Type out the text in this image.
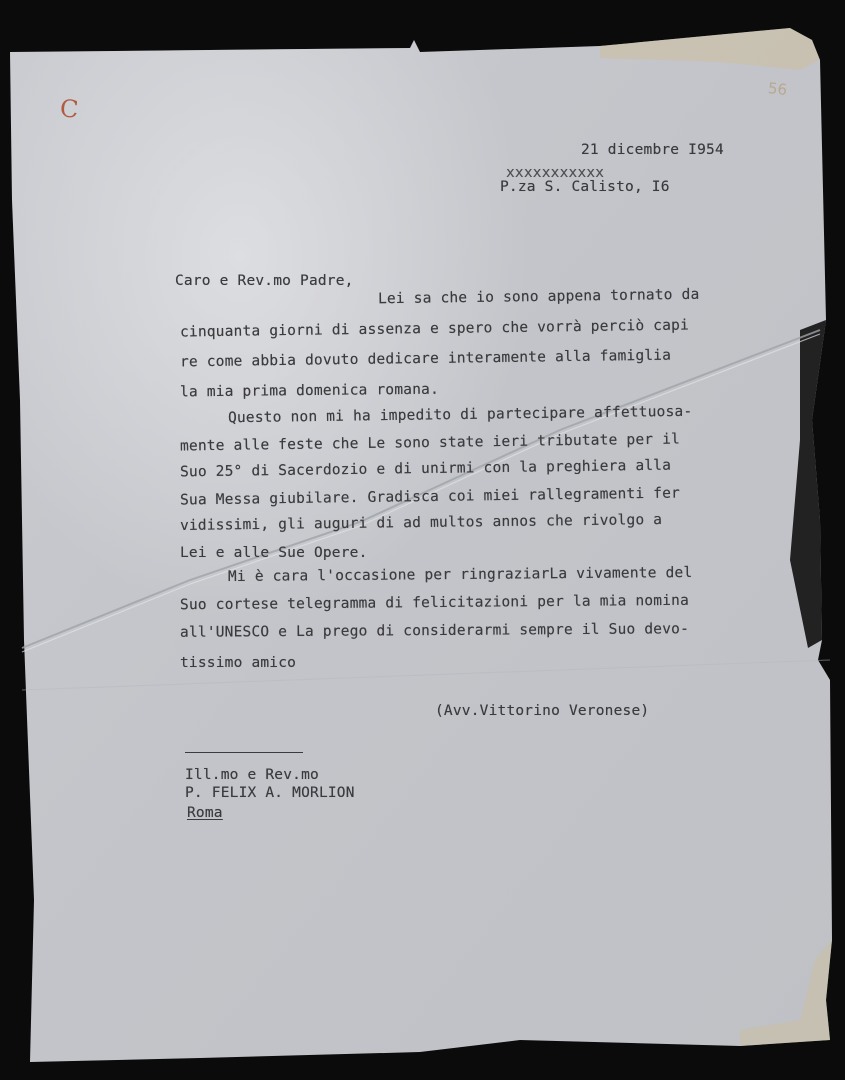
56
C
21 dicembre I954
xxxxxxxxxxx
P.za S. Calisto, I6
Caro e Rev.mo Padre,
Lei sa che io sono appena tornato da
cinquanta giorni di assenza e spero che vorrà perciò capi
re come abbia dovuto dedicare interamente alla famiglia
la mia prima domenica romana.
Questo non mi ha impedito di partecipare affettuosa-
mente alle feste che Le sono state ieri tributate per il
Suo 25° di Sacerdozio e di unirmi con la preghiera alla
Sua Messa giubilare. Gradisca coi miei rallegramenti fer
vidissimi, gli auguri di ad multos annos che rivolgo a
Lei e alle Sue Opere.
Mi è cara l'occasione per ringraziarLa vivamente del
Suo cortese telegramma di felicitazioni per la mia nomina
all'UNESCO e La prego di considerarmi sempre il Suo devo-
tissimo amico
(Avv.Vittorino Veronese)
Ill.mo e Rev.mo
P. FELIX A. MORLION
Roma
